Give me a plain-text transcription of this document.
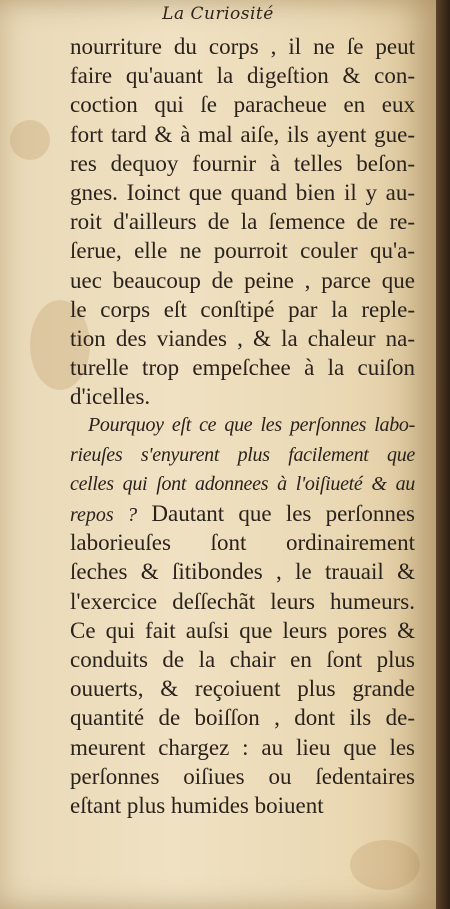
La Curiosité
nourriture du corps , il ne ſe peut
faire qu'auant la digeſtion & con-
coction qui ſe paracheue en eux
fort tard & à mal aiſe, ils ayent gue-
res dequoy fournir à telles beſon-
gnes. Ioinct que quand bien il y au-
roit d'ailleurs de la ſemence de re-
ſerue, elle ne pourroit couler qu'a-
uec beaucoup de peine , parce que
le corps eſt conſtipé par la reple-
tion des viandes , & la chaleur na-
turelle trop empeſchee à la cuiſon
d'icelles.
Pourquoy eſt ce que les perſonnes labo-
rieuſes s'enyurent plus facilement que
celles qui ſont adonnees à l'oiſiueté & au
repos ? Dautant que les perſonnes
laborieuſes ſont ordinairement
ſeches & ſitibondes , le trauail &
l'exercice deſſechãt leurs humeurs.
Ce qui fait auſsi que leurs pores &
conduits de la chair en ſont plus
ouuerts, & reçoiuent plus grande
quantité de boiſſon , dont ils de-
meurent chargez : au lieu que les
perſonnes oiſiues ou ſedentaires
eſtant plus humides boiuent
